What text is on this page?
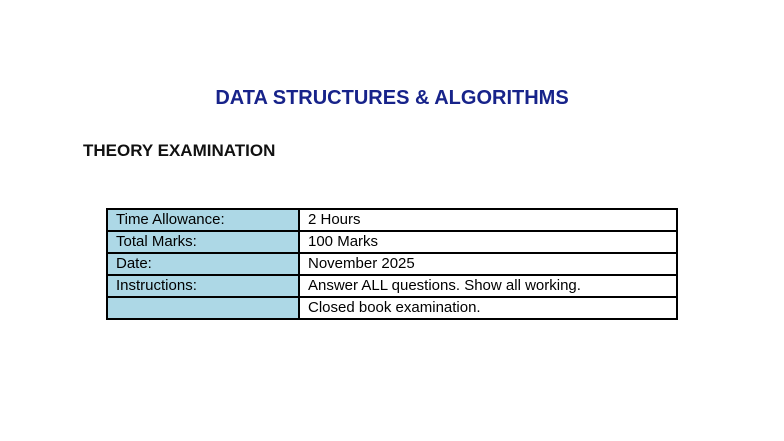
DATA STRUCTURES & ALGORITHMS
THEORY EXAMINATION
Time Allowance:	2 Hours
Total Marks:	100 Marks
Date:	November 2025
Instructions:	Answer ALL questions. Show all working.
	Closed book examination.
